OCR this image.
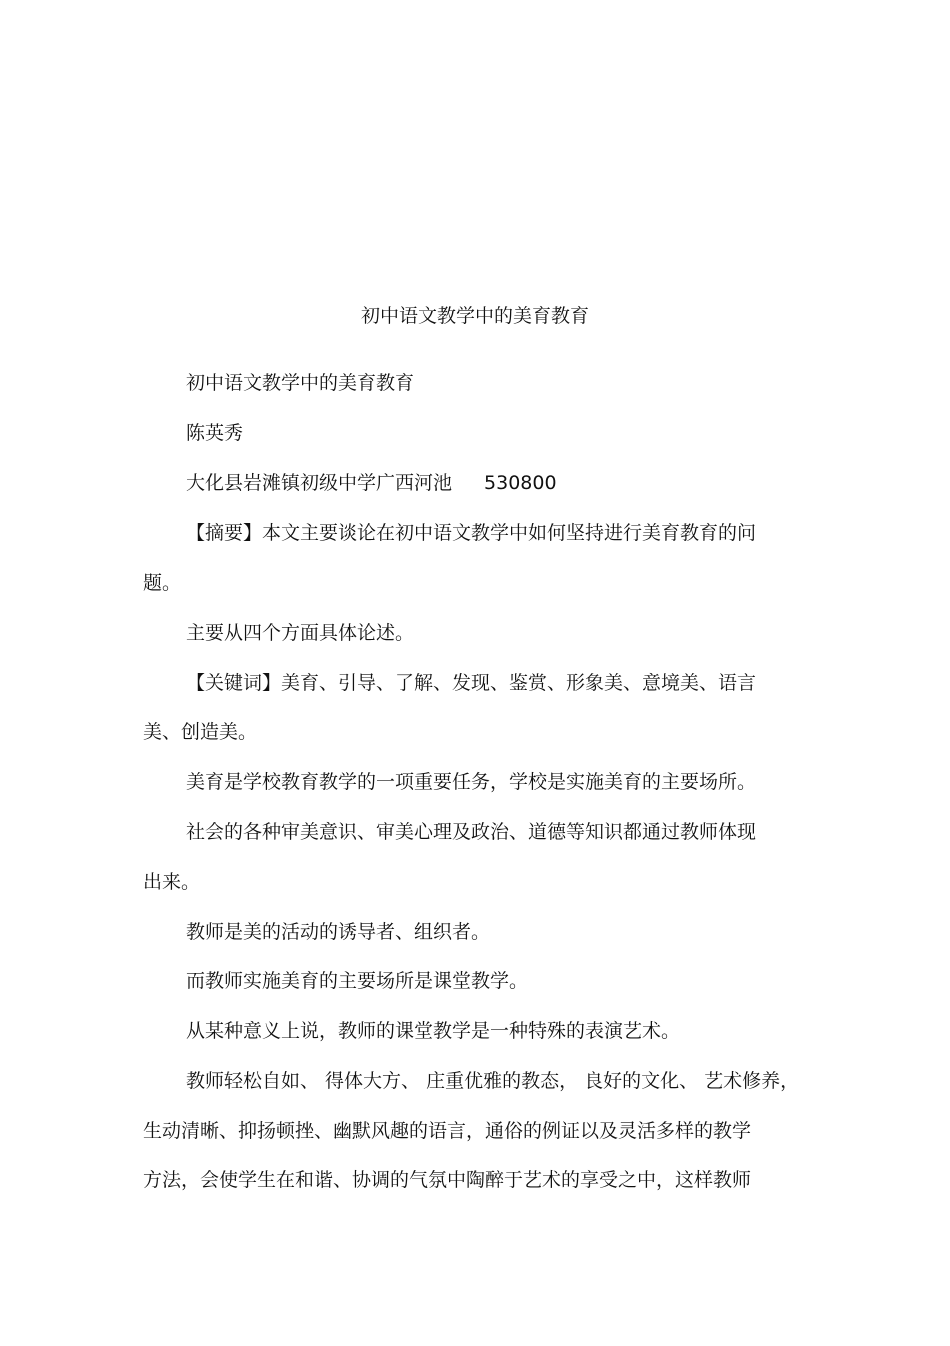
初中语文教学中的美育教育
初中语文教学中的美育教育
陈英秀
大化县岩滩镇初级中学广西河池 530800
【摘要】本文主要谈论在初中语文教学中如何坚持进行美育教育的问
题。
主要从四个方面具体论述。
【关键词】美育、引导、了解、发现、鉴赏、形象美、意境美、语言
美、创造美。
美育是学校教育教学的一项重要任务，学校是实施美育的主要场所。
社会的各种审美意识、审美心理及政治、道德等知识都通过教师体现
出来。
教师是美的活动的诱导者、组织者。
而教师实施美育的主要场所是课堂教学。
从某种意义上说，教师的课堂教学是一种特殊的表演艺术。
教师轻松自如、 得体大方、 庄重优雅的教态， 良好的文化、 艺术修养，
生动清晰、抑扬顿挫、幽默风趣的语言，通俗的例证以及灵活多样的教学
方法，会使学生在和谐、协调的气氛中陶醉于艺术的享受之中，这样教师
